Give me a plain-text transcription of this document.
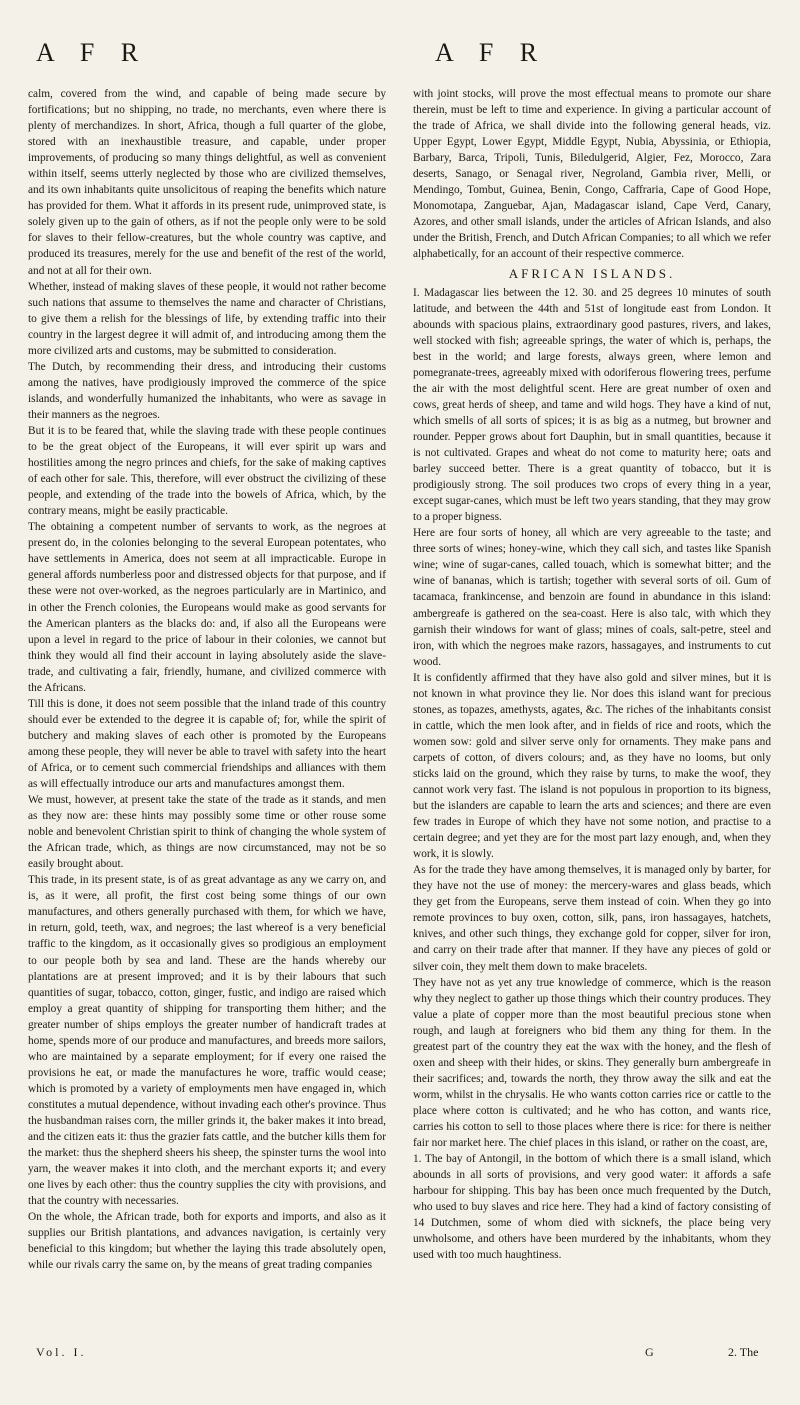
A F R	A F R

calm, covered from the wind, and capable of being made secure by fortifications; but no shipping, no trade, no merchants, even where there is plenty of merchandizes. In short, Africa, though a full quarter of the globe, stored with an inexhaustible treasure, and capable, under proper improvements, of producing so many things delightful, as well as convenient within itself, seems utterly neglected by those who are civilized themselves, and its own inhabitants quite unsolicitous of reaping the benefits which nature has provided for them. What it affords in its present rude, unimproved state, is solely given up to the gain of others, as if not the people only were to be sold for slaves to their fellow-creatures, but the whole country was captive, and produced its treasures, merely for the use and benefit of the rest of the world, and not at all for their own.

Whether, instead of making slaves of these people, it would not rather become such nations that assume to themselves the name and character of Christians, to give them a relish for the blessings of life, by extending traffic into their country in the largest degree it will admit of, and introducing among them the more civilized arts and customs, may be submitted to consideration.

The Dutch, by recommending their dress, and introducing their customs among the natives, have prodigiously improved the commerce of the spice islands, and wonderfully humanized the inhabitants, who were as savage in their manners as the negroes.

But it is to be feared that, while the slaving trade with these people continues to be the great object of the Europeans, it will ever spirit up wars and hostilities among the negro princes and chiefs, for the sake of making captives of each other for sale. This, therefore, will ever obstruct the civilizing of these people, and extending of the trade into the bowels of Africa, which, by the contrary means, might be easily practicable.

The obtaining a competent number of servants to work, as the negroes at present do, in the colonies belonging to the several European potentates, who have settlements in America, does not seem at all impracticable. Europe in general affords numberless poor and distressed objects for that purpose, and if these were not over-worked, as the negroes particularly are in Martinico, and in other the French colonies, the Europeans would make as good servants for the American planters as the blacks do: and, if also all the Europeans were upon a level in regard to the price of labour in their colonies, we cannot but think they would all find their account in laying absolutely aside the slave-trade, and cultivating a fair, friendly, humane, and civilized commerce with the Africans.

Till this is done, it does not seem possible that the inland trade of this country should ever be extended to the degree it is capable of; for, while the spirit of butchery and making slaves of each other is promoted by the Europeans among these people, they will never be able to travel with safety into the heart of Africa, or to cement such commercial friendships and alliances with them as will effectually introduce our arts and manufactures amongst them.

We must, however, at present take the state of the trade as it stands, and men as they now are: these hints may possibly some time or other rouse some noble and benevolent Christian spirit to think of changing the whole system of the African trade, which, as things are now circumstanced, may not be so easily brought about.

This trade, in its present state, is of as great advantage as any we carry on, and is, as it were, all profit, the first cost being some things of our own manufactures, and others generally purchased with them, for which we have, in return, gold, teeth, wax, and negroes; the last whereof is a very beneficial traffic to the kingdom, as it occasionally gives so prodigious an employment to our people both by sea and land. These are the hands whereby our plantations are at present improved; and it is by their labours that such quantities of sugar, tobacco, cotton, ginger, fustic, and indigo are raised which employ a great quantity of shipping for transporting them hither; and the greater number of ships employs the greater number of handicraft trades at home, spends more of our produce and manufactures, and breeds more sailors, who are maintained by a separate employment; for if every one raised the provisions he eat, or made the manufactures he wore, traffic would cease; which is promoted by a variety of employments men have engaged in, which constitutes a mutual dependence, without invading each other's province. Thus the husbandman raises corn, the miller grinds it, the baker makes it into bread, and the citizen eats it: thus the grazier fats cattle, and the butcher kills them for the market: thus the shepherd sheers his sheep, the spinster turns the wool into yarn, the weaver makes it into cloth, and the merchant exports it; and every one lives by each other: thus the country supplies the city with provisions, and that the country with necessaries.

On the whole, the African trade, both for exports and imports, and also as it supplies our British plantations, and advances navigation, is certainly very beneficial to this kingdom; but whether the laying this trade absolutely open, while our rivals carry the same on, by the means of great trading companies

with joint stocks, will prove the most effectual means to promote our share therein, must be left to time and experience. In giving a particular account of the trade of Africa, we shall divide into the following general heads, viz. Upper Egypt, Lower Egypt, Middle Egypt, Nubia, Abyssinia, or Ethiopia, Barbary, Barca, Tripoli, Tunis, Biledulgerid, Algier, Fez, Morocco, Zara deserts, Sanago, or Senagal river, Negroland, Gambia river, Melli, or Mendingo, Tombut, Guinea, Benin, Congo, Caffraria, Cape of Good Hope, Monomotapa, Zanguebar, Ajan, Madagascar island, Cape Verd, Canary, Azores, and other small islands, under the articles of African Islands, and also under the British, French, and Dutch African Companies; to all which we refer alphabetically, for an account of their respective commerce.

AFRICAN ISLANDS.

I. Madagascar lies between the 12. 30. and 25 degrees 10 minutes of south latitude, and between the 44th and 51st of longitude east from London. It abounds with spacious plains, extraordinary good pastures, rivers, and lakes, well stocked with fish; agreeable springs, the water of which is, perhaps, the best in the world; and large forests, always green, where lemon and pomegranate-trees, agreeably mixed with odoriferous flowering trees, perfume the air with the most delightful scent. Here are great number of oxen and cows, great herds of sheep, and tame and wild hogs. They have a kind of nut, which smells of all sorts of spices; it is as big as a nutmeg, but browner and rounder. Pepper grows about fort Dauphin, but in small quantities, because it is not cultivated. Grapes and wheat do not come to maturity here; oats and barley succeed better. There is a great quantity of tobacco, but it is prodigiously strong. The soil produces two crops of every thing in a year, except sugar-canes, which must be left two years standing, that they may grow to a proper bigness.

Here are four sorts of honey, all which are very agreeable to the taste; and three sorts of wines; honey-wine, which they call sich, and tastes like Spanish wine; wine of sugar-canes, called touach, which is somewhat bitter; and the wine of bananas, which is tartish; together with several sorts of oil. Gum of tacamaca, frankincense, and benzoin are found in abundance in this island: ambergreafe is gathered on the sea-coast. Here is also talc, with which they garnish their windows for want of glass; mines of coals, salt-petre, steel and iron, with which the negroes make razors, hassagayes, and instruments to cut wood.

It is confidently affirmed that they have also gold and silver mines, but it is not known in what province they lie. Nor does this island want for precious stones, as topazes, amethysts, agates, &c. The riches of the inhabitants consist in cattle, which the men look after, and in fields of rice and roots, which the women sow: gold and silver serve only for ornaments. They make pans and carpets of cotton, of divers colours; and, as they have no looms, but only sticks laid on the ground, which they raise by turns, to make the woof, they cannot work very fast. The island is not populous in proportion to its bigness, but the islanders are capable to learn the arts and sciences; and there are even few trades in Europe of which they have not some notion, and practise to a certain degree; and yet they are for the most part lazy enough, and, when they work, it is slowly.

As for the trade they have among themselves, it is managed only by barter, for they have not the use of money: the mercery-wares and glass beads, which they get from the Europeans, serve them instead of coin. When they go into remote provinces to buy oxen, cotton, silk, pans, iron hassagayes, hatchets, knives, and other such things, they exchange gold for copper, silver for iron, and carry on their trade after that manner. If they have any pieces of gold or silver coin, they melt them down to make bracelets.

They have not as yet any true knowledge of commerce, which is the reason why they neglect to gather up those things which their country produces. They value a plate of copper more than the most beautiful precious stone when rough, and laugh at foreigners who bid them any thing for them. In the greatest part of the country they eat the wax with the honey, and the flesh of oxen and sheep with their hides, or skins. They generally burn ambergreafe in their sacrifices; and, towards the north, they throw away the silk and eat the worm, whilst in the chrysalis. He who wants cotton carries rice or cattle to the place where cotton is cultivated; and he who has cotton, and wants rice, carries his cotton to sell to those places where there is rice: for there is neither fair nor market here. The chief places in this island, or rather on the coast, are,

1. The bay of Antongil, in the bottom of which there is a small island, which abounds in all sorts of provisions, and very good water: it affords a safe harbour for shipping. This bay has been once much frequented by the Dutch, who used to buy slaves and rice here. They had a kind of factory consisting of 14 Dutchmen, some of whom died with sicknefs, the place being very unwholsome, and others have been murdered by the inhabitants, whom they used with too much haughtiness.

Vol. I.	G	2. The
